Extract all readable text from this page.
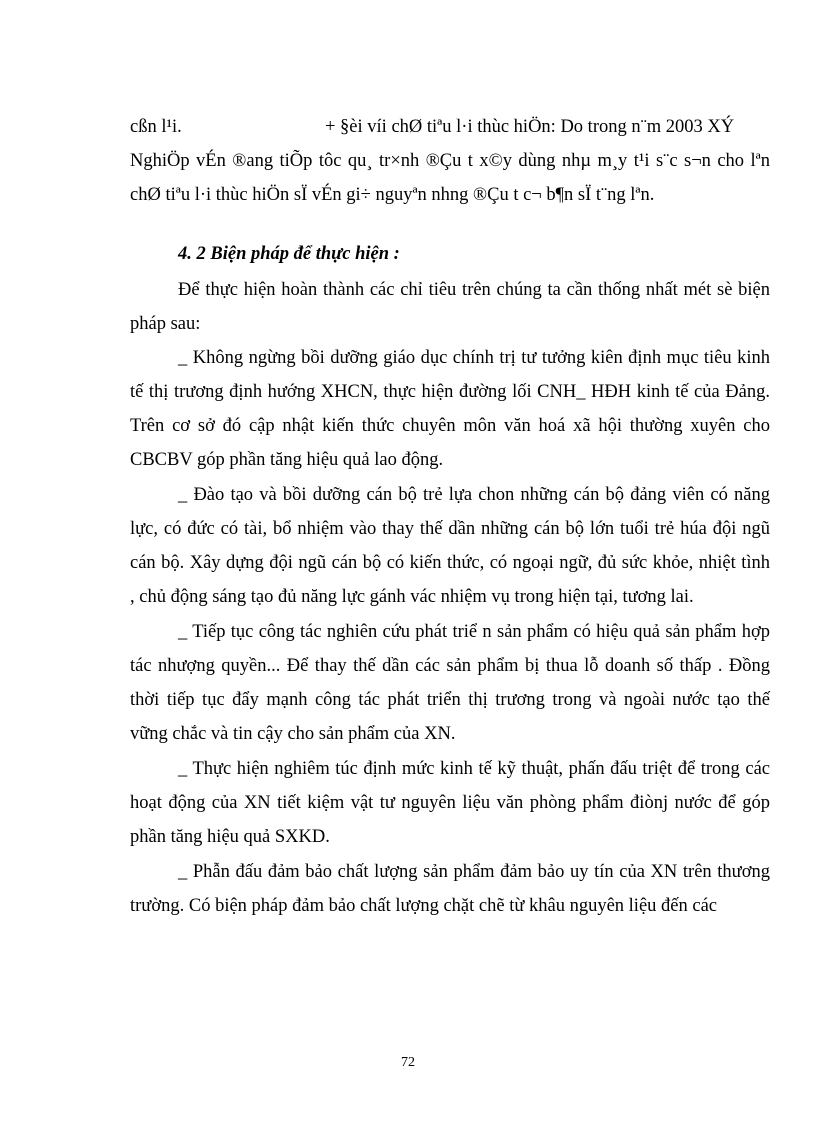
cßn l¹i.	+ §èi víi chØ tiªu l·i thùc hiÖn: Do trong n¨m 2003 XÝ
NghiÖp vÉn ®ang tiÕp tôc qu¸ tr×nh ®Çu t x©y dùng nhµ m¸y t¹i s¨c s¬n cho lªn
chØ tiªu l·i thùc hiÖn sÏ vÉn gi÷ nguyªn nhng ®Çu t c¬ b¶n sÏ t¨ng lªn.
4. 2 Biện pháp để thực hiện :
Để thực hiện hoàn thành các chỉ tiêu trên chúng ta cần thống nhất mét sè biện
pháp sau:
_ Không ngừng bồi dưỡng giáo dục chính trị tư tưởng kiên định mục tiêu kinh
tế thị trương định hướng XHCN, thực hiện đường lối CNH_ HĐH kinh tế của Đảng.
Trên cơ sở đó cập nhật kiến thức chuyên môn văn hoá xã hội thường xuyên cho
CBCBV góp phần tăng hiệu quả lao động.
_ Đào tạo và bồi dưỡng cán bộ trẻ lựa chon những cán bộ đảng viên có năng
lực, có đức có tài, bổ nhiệm vào thay thế dần những cán bộ lớn tuổi trẻ húa đội ngũ
cán bộ. Xây dựng đội ngũ cán bộ có kiến thức, có ngoại ngữ, đủ sức khỏe, nhiệt tình
, chủ động sáng tạo đủ năng lực gánh vác nhiệm vụ trong hiện tại, tương lai.
_ Tiếp tục công tác nghiên cứu phát triể n sản phẩm có hiệu quả sản phẩm hợp
tác nhượng quyền... Để thay thế dần các sản phẩm bị thua lỗ doanh số thấp . Đồng
thời tiếp tục đẩy mạnh công tác phát triển thị trương trong và ngoài nước tạo thế
vững chắc và tin cậy cho sản phẩm của XN.
_ Thực hiện nghiêm túc định mức kinh tế kỹ thuật, phấn đấu triệt để trong các
hoạt động của XN tiết kiệm vật tư nguyên liệu văn phòng phẩm điònj nước để góp
phần tăng hiệu quả SXKD.
_ Phẫn đấu đảm bảo chất lượng sản phẩm đảm bảo uy tín của XN trên thương
trường. Có biện pháp đảm bảo chất lượng chặt chẽ từ khâu nguyên liệu đến các
72
